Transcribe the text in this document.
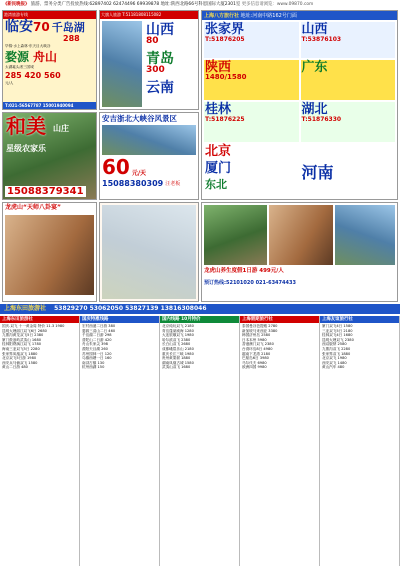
《新民晚报》 旅游、票务分类广告投放热线:62897402 62474496 69939878 地址:陕西北路66号科恩国际大厦2301室 更多信息请浏览：www.09870.com
港湾旅游专线
临安 70 千岛湖
288
毕锦·水上森林·东天目大峡谷
婺源 舟山
太湖鼋头渚三国城
285 420 560
元/人
T:021-56567787 15001940094
大旗人旅游 T:51181808115082
山西
80
青岛
300
云南
上海八方旅行社 地址:河南中路162号门面
张家界
T:51876205
山西
T:53876103
陕西
1480/1580
广东
桂林
T:51876225
湖北
T:51876330
北京
厦门
东北
河南
和美 山庄
星级农家乐
15088379341
安吉浙北大峡谷风景区
60 元/天
15088380309 汪老板
龙虎山“天师八卦宴”
龙虎山养生度假1日游 499元/人
预订热线:52101020 021-63474433
上海东田旅游社 53829270 53062050 53827139 13816308046
上海东田旅游社
国庆.双飞 十一黄金周 特价 11.3 1980
昆明大理丽江双飞6日 2680
九寨沟黄龙双飞5日 2380
厦门鼓浪屿武夷山 1680
桂林阳朔漓江双飞 1780
海南三亚双飞5日 2280
张家界凤凰双飞 1880
北京双飞5日游 1980
西安兵马俑双飞 1580
黄山二日游 480
国庆特惠线路
宏村西递二日游 380
婺源三清山二日 460
千岛湖二日游 298
普陀山二日游 420
舟山朱家尖 398
溧阳天目湖 260
苏州园林一日 120
乌镇西塘一日 160
南浔古镇 130
杭州西湖 150
国内线路 10月特价
北京纯玩双飞 2180
青岛蓬莱威海 1280
大连旅顺双飞 1980
哈尔滨双飞 2380
长白山双飞 2680
成都峨眉乐山 2180
重庆长江三峡 1980
贵州黄果树 1880
湖南凤凰古城 1580
武夷山双飞 1680
上海假期旅行社
泰国曼谷芭提雅 2780
新加坡马来西亚 3380
韩国济州岛 2580
日本本州 5980
香港澳门双飞 2380
台湾环岛8日 4980
越南下龙湾 2180
巴厘岛6日 3980
马尔代夫 6980
欧洲四国 9980
上海友谊旅行社
厦门双飞4日 1580
三亚双飞5日 2180
桂林双飞4日 1680
昆明大理双飞 2380
西双版纳 2580
九寨沟双飞 2280
张家界双飞 1880
北京双飞 1980
西安双飞 1480
黄山汽车 480
